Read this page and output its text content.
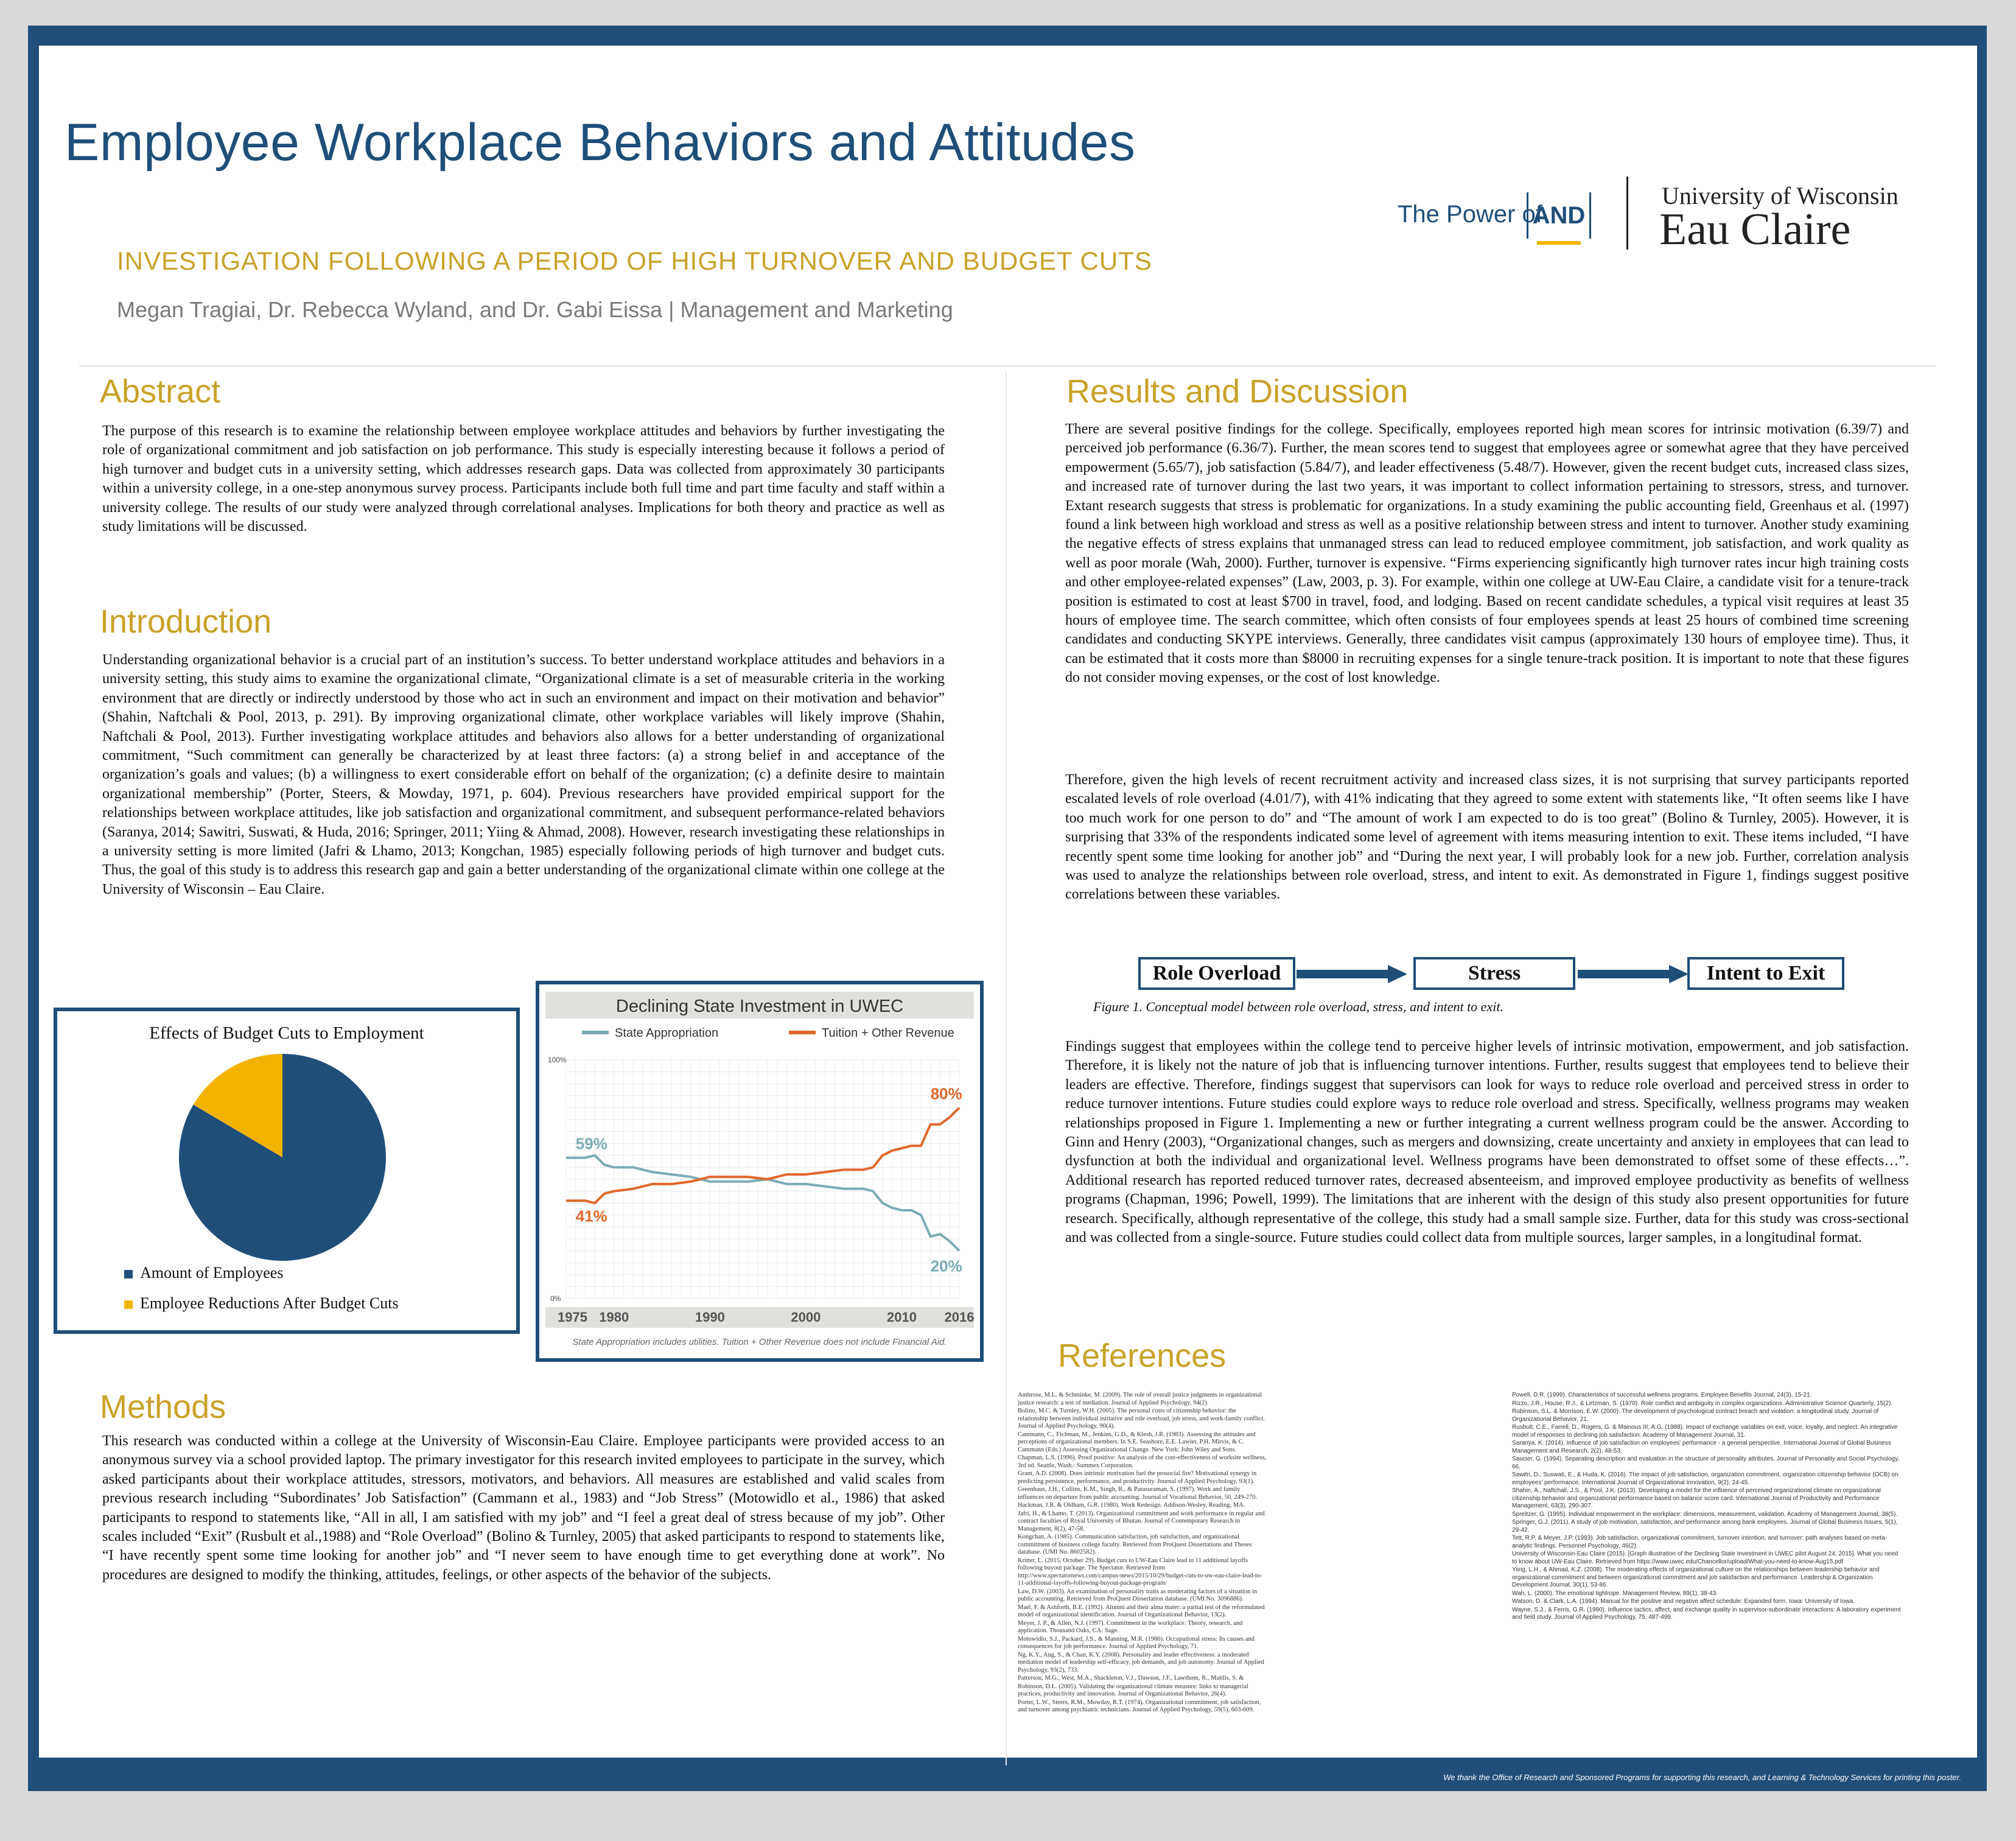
Employee Workplace Behaviors and Attitudes
INVESTIGATION FOLLOWING A PERIOD OF HIGH TURNOVER AND BUDGET CUTS
Megan Tragiai, Dr. Rebecca Wyland, and Dr. Gabi Eissa | Management and Marketing
The Power of
AND
University of Wisconsin
Eau Claire
Abstract

The purpose of this research is to examine the relationship between employee workplace attitudes and behaviors by further investigating the role of organizational commitment and job satisfaction on job performance. This study is especially interesting because it follows a period of high turnover and budget cuts in a university setting, which addresses research gaps. Data was collected from approximately 30 participants within a university college, in a one-step anonymous survey process. Participants include both full time and part time faculty and staff within a university college. The results of our study were analyzed through correlational analyses. Implications for both theory and practice as well as study limitations will be discussed.

Introduction

Understanding organizational behavior is a crucial part of an institution’s success. To better understand workplace attitudes and behaviors in a university setting, this study aims to examine the organizational climate, “Organizational climate is a set of measurable criteria in the working environment that are directly or indirectly understood by those who act in such an environment and impact on their motivation and behavior” (Shahin, Naftchali & Pool, 2013, p. 291). By improving organizational climate, other workplace variables will likely improve (Shahin, Naftchali & Pool, 2013). Further investigating workplace attitudes and behaviors also allows for a better understanding of organizational commitment, “Such commitment can generally be characterized by at least three factors: (a) a strong belief in and acceptance of the organization’s goals and values; (b) a willingness to exert considerable effort on behalf of the organization; (c) a definite desire to maintain organizational membership” (Porter, Steers, & Mowday, 1971, p. 604). Previous researchers have provided empirical support for the relationships between workplace attitudes, like job satisfaction and organizational commitment, and subsequent performance-related behaviors (Saranya, 2014; Sawitri, Suswati, & Huda, 2016; Springer, 2011; Yiing & Ahmad, 2008). However, research investigating these relationships in a university setting is more limited (Jafri & Lhamo, 2013; Kongchan, 1985) especially following periods of high turnover and budget cuts. Thus, the goal of this study is to address this research gap and gain a better understanding of the organizational climate within one college at the University of Wisconsin – Eau Claire.

Effects of Budget Cuts to Employment
Amount of Employees
Employee Reductions After Budget Cuts
Declining State Investment in UWEC
State Appropriation	Tuition + Other Revenue
100%
0%
59%
41%
80%
20%
1975 1980	1990	2000	2010 2016
State Appropriation includes utilities. Tuition + Other Revenue does not include Financial Aid.
Methods

This research was conducted within a college at the University of Wisconsin-Eau Claire. Employee participants were provided access to an anonymous survey via a school provided laptop. The primary investigator for this research invited employees to participate in the survey, which asked participants about their workplace attitudes, stressors, motivators, and behaviors. All measures are established and valid scales from previous research including “Subordinates’ Job Satisfaction” (Cammann et al., 1983) and “Job Stress” (Motowidlo et al., 1986) that asked participants to respond to statements like, “All in all, I am satisfied with my job” and “I feel a great deal of stress because of my job”. Other scales included “Exit” (Rusbult et al.,1988) and “Role Overload” (Bolino & Turnley, 2005) that asked participants to respond to statements like, “I have recently spent some time looking for another job” and “I never seem to have enough time to get everything done at work”. No procedures are designed to modify the thinking, attitudes, feelings, or other aspects of the behavior of the subjects.

Results and Discussion

There are several positive findings for the college. Specifically, employees reported high mean scores for intrinsic motivation (6.39/7) and perceived job performance (6.36/7). Further, the mean scores tend to suggest that employees agree or somewhat agree that they have perceived empowerment (5.65/7), job satisfaction (5.84/7), and leader effectiveness (5.48/7). However, given the recent budget cuts, increased class sizes, and increased rate of turnover during the last two years, it was important to collect information pertaining to stressors, stress, and turnover. Extant research suggests that stress is problematic for organizations. In a study examining the public accounting field, Greenhaus et al. (1997) found a link between high workload and stress as well as a positive relationship between stress and intent to turnover. Another study examining the negative effects of stress explains that unmanaged stress can lead to reduced employee commitment, job satisfaction, and work quality as well as poor morale (Wah, 2000). Further, turnover is expensive. “Firms experiencing significantly high turnover rates incur high training costs and other employee-related expenses” (Law, 2003, p. 3). For example, within one college at UW-Eau Claire, a candidate visit for a tenure-track position is estimated to cost at least $700 in travel, food, and lodging. Based on recent candidate schedules, a typical visit requires at least 35 hours of employee time. The search committee, which often consists of four employees spends at least 25 hours of combined time screening candidates and conducting SKYPE interviews. Generally, three candidates visit campus (approximately 130 hours of employee time). Thus, it can be estimated that it costs more than $8000 in recruiting expenses for a single tenure-track position. It is important to note that these figures do not consider moving expenses, or the cost of lost knowledge.

Therefore, given the high levels of recent recruitment activity and increased class sizes, it is not surprising that survey participants reported escalated levels of role overload (4.01/7), with 41% indicating that they agreed to some extent with statements like, “It often seems like I have too much work for one person to do” and “The amount of work I am expected to do is too great” (Bolino & Turnley, 2005). However, it is surprising that 33% of the respondents indicated some level of agreement with items measuring intention to exit. These items included, “I have recently spent some time looking for another job” and “During the next year, I will probably look for a new job. Further, correlation analysis was used to analyze the relationships between role overload, stress, and intent to exit. As demonstrated in Figure 1, findings suggest positive correlations between these variables.

Role Overload	Stress	Intent to Exit
Figure 1. Conceptual model between role overload, stress, and intent to exit.

Findings suggest that employees within the college tend to perceive higher levels of intrinsic motivation, empowerment, and job satisfaction. Therefore, it is likely not the nature of job that is influencing turnover intentions. Further, results suggest that employees tend to believe their leaders are effective. Therefore, findings suggest that supervisors can look for ways to reduce role overload and perceived stress in order to reduce turnover intentions. Future studies could explore ways to reduce role overload and stress. Specifically, wellness programs may weaken relationships proposed in Figure 1. Implementing a new or further integrating a current wellness program could be the answer. According to Ginn and Henry (2003), “Organizational changes, such as mergers and downsizing, create uncertainty and anxiety in employees that can lead to dysfunction at both the individual and organizational level. Wellness programs have been demonstrated to offset some of these effects…”. Additional research has reported reduced turnover rates, decreased absenteeism, and improved employee productivity as benefits of wellness programs (Chapman, 1996; Powell, 1999). The limitations that are inherent with the design of this study also present opportunities for future research. Specifically, although representative of the college, this study had a small sample size. Further, data for this study was cross-sectional and was collected from a single-source. Future studies could collect data from multiple sources, larger samples, in a longitudinal format.

References
Ambrose, M.L. & Schminke, M. (2009). The role of overall justice judgments in organizational justice research: a test of mediation. Journal of Applied Psychology, 94(2).
Bolino, M.C. & Turnley, W.H. (2005). The personal costs of citizenship behavior: the relationship between individual initiative and role overload, job stress, and work-family conflict. Journal of Applied Psychology, 90(4).
Cammann, C., Fichman, M., Jenkins, G.D., & Klesh, J.R. (1983). Assessing the attitudes and perceptions of organizational members. In S.E. Seashore, E.E. Lawler, P.H. Mirvis, & C. Cammann (Eds.) Assessing Organizational Change. New York: John Wiley and Sons.
Chapman, L.S. (1996). Proof positive: An analysis of the cost-effectiveness of worksite wellness, 3rd ed. Seattle, Wash.: Summex Corporation.
Grant, A.D. (2008). Does intrinsic motivation fuel the prosocial fire? Motivational synergy in predicting persistence, performance, and productivity. Journal of Applied Psychology, 93(1).
Greenhaus, J.H., Collins, K.M., Singh, R., & Parasuraman, S. (1997). Work and family influences on departure from public accounting. Journal of Vocational Behavior, 50, 249-270.
Hackman, J.R. & Oldham, G.R. (1980). Work Redesign. Addison-Wesley, Reading, MA.
Jafri, H., & Lhamo, T. (2013). Organizational commitment and work performance in regular and contract faculties of Royal University of Bhutan. Journal of Contemporary Research in Management, 8(2), 47-58.
Kongchan, A. (1985). Communication satisfaction, job satisfaction, and organizational commitment of business college faculty. Retrieved from ProQuest Dissertations and Theses database. (UMI No. 8602582).
Kritter, L. (2015, October 29). Budget cuts to UW-Eau Claire lead to 11 additional layoffs following buyout package. The Spectator. Retrieved from http://www.spectatornews.com/campus-news/2015/10/29/budget-cuts-to-uw-eau-claire-lead-to-11-additional-layoffs-following-buyout-package-program/
Law, D.W. (2003). An examination of personality traits as moderating factors of a situation in public accounting. Retrieved from ProQuest Dissertation database. (UMI No. 3096886).
Mael, F. & Ashforth, B.E. (1992). Alumni and their alma mater: a partial test of the reformulated model of organizational identification. Journal of Organizational Behavior, 13(2).
Meyer, J. P., & Allen, N.J. (1997). Commitment in the workplace: Theory, research, and application. Thousand Oaks, CA: Sage.
Motowidlo, S.J., Packard, J.S., & Manning, M.R. (1986). Occupational stress: Its causes and consequences for job performance. Journal of Applied Psychology, 71.
Ng, K.Y., Ang, S., & Chan, K.Y. (2008). Personality and leader effectiveness: a moderated mediation model of leadership self-efficacy, job demands, and job autonomy. Journal of Applied Psychology, 93(2), 733.
Patterson, M.G., West, M.A., Shackleton, V.J., Dawson, J.F., Lawthom, R., Maitlis, S. &
Robinson, D.L. (2005). Validating the organizational climate measure: links to managerial practices, productivity and innovation. Journal of Organizational Behavior, 26(4).
Porter, L.W., Steers, R.M., Mowday, R.T. (1974). Organizational commitment, job satisfaction, and turnover among psychiatric technicians. Journal of Applied Psychology, 59(5), 603-609.
Powell, D.R. (1999). Characteristics of successful wellness programs. Employee Benefits Journal, 24(3), 15-21.
Rizzo, J.R., House, R.J., & Lirtzman, S. (1970). Role conflict and ambiguity in complex organizations. Administrative Science Quarterly, 15(2).
Robinson, S.L. & Morrison, E.W. (2000). The development of psychological contract breach and violation: a longitudinal study. Journal of Organizational Behavior, 21.
Rusbult, C.E., Farrell, D., Rogers, G. & Mainous III, A.G. (1988). Impact of exchange variables on exit, voice, loyalty, and neglect: An integrative model of responses to declining job satisfaction. Academy of Management Journal, 31.
Saranya, K. (2014). Influence of job satisfaction on employees' performance - a general perspective. International Journal of Global Business Management and Research, 2(2), 48-53.
Saucier, G. (1994). Separating description and evaluation in the structure of personality attributes. Journal of Personality and Social Psychology, 66.
Sawitri, D., Suswati, E., & Huda, K. (2016). The impact of job satisfaction, organization commitment, organization citizenship behavior (OCB) on employees' performance. International Journal of Organizational Innovation, 9(2), 24-45.
Shahin, A., Naftchali, J.S., & Pool, J.K. (2013). Developing a model for the influence of perceived organizational climate on organizational citizenship behavior and organizational performance based on balance score card. International Journal of Productivity and Performance Management, 63(3), 290-307.
Spreitzer, G. (1995). Individual empowerment in the workplace: dimensions, measurement, validation. Academy of Management Journal, 38(5).
Springer, G.J. (2011). A study of job motivation, satisfaction, and performance among bank employees. Journal of Global Business Issues, 5(1), 29-42.
Tett, R.P. & Meyer, J.P. (1993). Job satisfaction, organizational commitment, turnover intention, and turnover: path analyses based on meta-analytic findings. Personnel Psychology, 46(2).
University of Wisconsin-Eau Claire (2015). [Graph illustration of the Declining State Investment in UWEC pilot August 24, 2015]. What you need to know about UW-Eau Claire. Retrieved from https://www.uwec.edu/Chancellor/upload/What-you-need-to-know-Aug15.pdf
Yiing, L.H., & Ahmad, K.Z. (2008). The moderating effects of organizational culture on the relationships between leadership behavior and organizational commitment and between organizational commitment and job satisfaction and performance. Leadership & Organization Development Journal, 30(1), 53-86.
Wah, L. (2000). The emotional tightrope. Management Review, 89(1), 38-43.
Watson, D. & Clark, L.A. (1994). Manual for the positive and negative affect schedule: Expanded form. Iowa: University of Iowa.
Wayne, S.J., & Ferris, G.R. (1990). Influence tactics, affect, and exchange quality in supervisor-subordinate interactions: A laboratory experiment and field study. Journal of Applied Psychology, 75, 487-499.
We thank the Office of Research and Sponsored Programs for supporting this research, and Learning & Technology Services for printing this poster.
